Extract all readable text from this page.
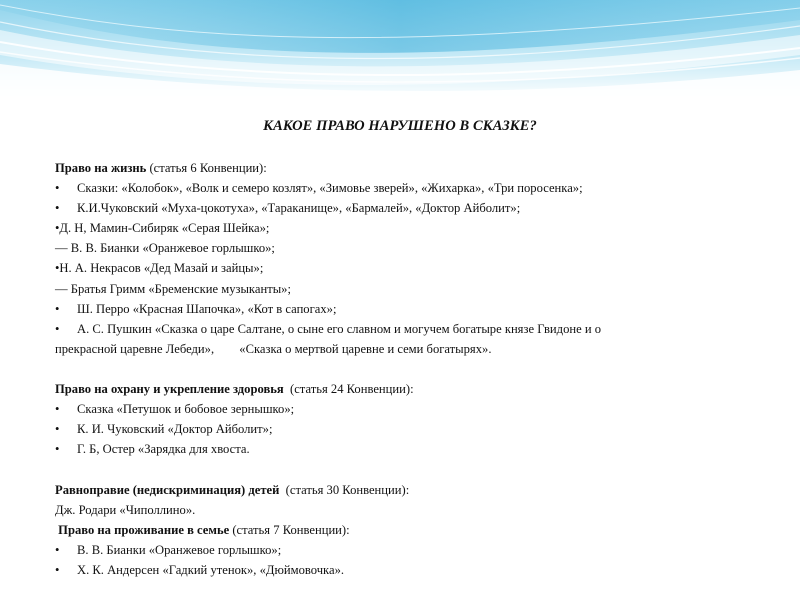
КАКОЕ ПРАВО НАРУШЕНО В СКАЗКЕ?
Право на жизнь (статья 6 Конвенции):
• Сказки: «Колобок», «Волк и семеро козлят», «Зимовье зверей», «Жихарка», «Три поросенка»;
• К.И.Чуковский «Муха-цокотуха», «Тараканище», «Бармалей», «Доктор Айболит»;
•Д. Н, Мамин-Сибиряк «Серая Шейка»;
— В. В. Бианки «Оранжевое горлышко»;
•Н. А. Некрасов «Дед Мазай и зайцы»;
— Братья Гримм «Бременские музыканты»;
• Ш. Перро «Красная Шапочка», «Кот в сапогах»;
• А. С. Пушкин «Сказка о царе Салтане, о сыне его славном и могучем богатыре князе Гвидоне и о
прекрасной царевне Лебеди»,        «Сказка о мертвой царевне и семи богатырях».
Право на охрану и укрепление здоровья  (статья 24 Конвенции):
• Сказка «Петушок и бобовое зернышко»;
• К. И. Чуковский «Доктор Айболит»;
• Г. Б, Остер «Зарядка для хвоста.
Равноправие (недискриминация) детей  (статья 30 Конвенции):
Дж. Родари «Чиполлино».
Право на проживание в семье (статья 7 Конвенции):
• В. В. Бианки «Оранжевое горлышко»;
• Х. К. Андерсен «Гадкий утенок», «Дюймовочка».
